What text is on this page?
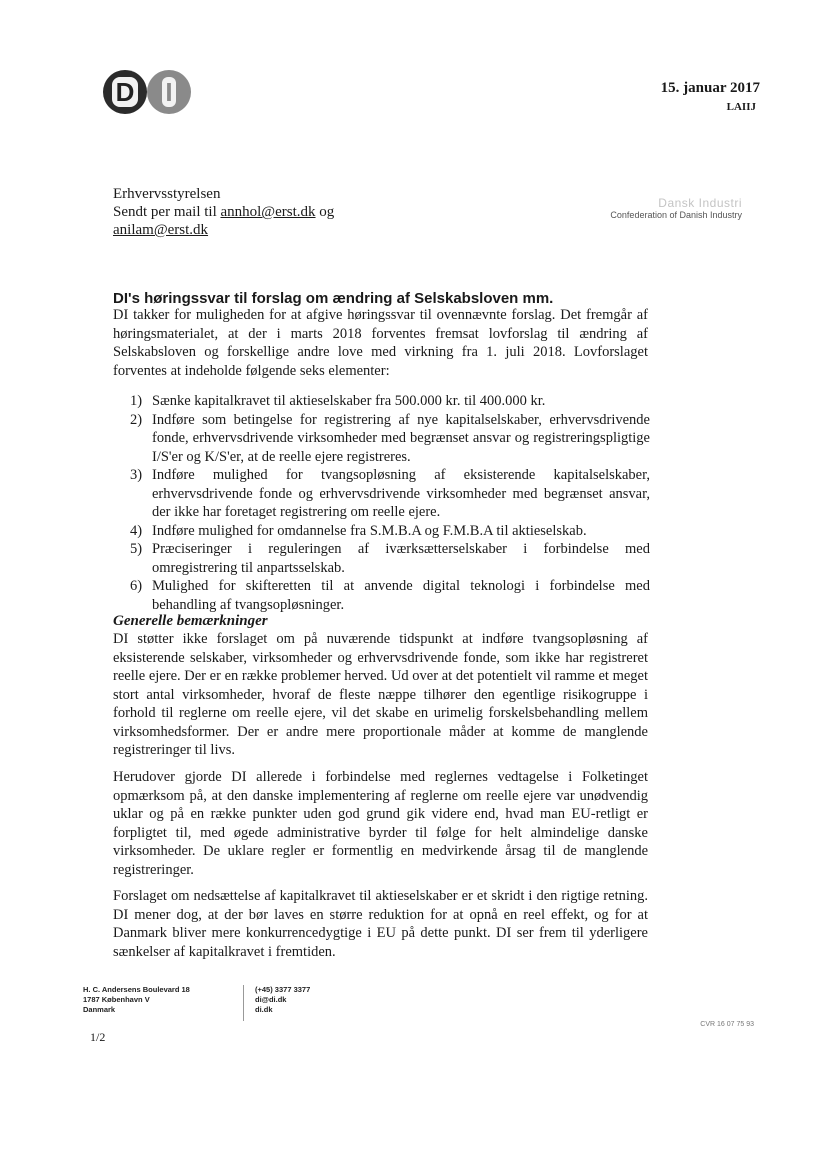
D I	15. januar 2017
LAIIJ
Erhvervsstyrelsen
Sendt per mail til annhol@erst.dk og
anilam@erst.dk
Dansk Industri
Confederation of Danish Industry
DI's høringssvar til forslag om ændring af Selskabsloven mm.
DI takker for muligheden for at afgive høringssvar til ovennævnte forslag. Det fremgår af høringsmaterialet, at der i marts 2018 forventes fremsat lovforslag til ændring af Selskabsloven og forskellige andre love med virkning fra 1. juli 2018. Lovforslaget forventes at indeholde følgende seks elementer:
1) Sænke kapitalkravet til aktieselskaber fra 500.000 kr. til 400.000 kr.
2) Indføre som betingelse for registrering af nye kapitalselskaber, erhvervsdrivende fonde, erhvervsdrivende virksomheder med begrænset ansvar og registreringspligtige I/S'er og K/S'er, at de reelle ejere registreres.
3) Indføre mulighed for tvangsopløsning af eksisterende kapitalselskaber, erhvervsdrivende fonde og erhvervsdrivende virksomheder med begrænset ansvar, der ikke har foretaget registrering om reelle ejere.
4) Indføre mulighed for omdannelse fra S.M.B.A og F.M.B.A til aktieselskab.
5) Præciseringer i reguleringen af iværksætterselskaber i forbindelse med omregistrering til anpartsselskab.
6) Mulighed for skifteretten til at anvende digital teknologi i forbindelse med behandling af tvangsopløsninger.
Generelle bemærkninger
DI støtter ikke forslaget om på nuværende tidspunkt at indføre tvangsopløsning af eksisterende selskaber, virksomheder og erhvervsdrivende fonde, som ikke har registreret reelle ejere. Der er en række problemer herved. Ud over at det potentielt vil ramme et meget stort antal virksomheder, hvoraf de fleste næppe tilhører den egentlige risikogruppe i forhold til reglerne om reelle ejere, vil det skabe en urimelig forskelsbehandling mellem virksomhedsformer. Der er andre mere proportionale måder at komme de manglende registreringer til livs.
Herudover gjorde DI allerede i forbindelse med reglernes vedtagelse i Folketinget opmærksom på, at den danske implementering af reglerne om reelle ejere var unødvendig uklar og på en række punkter uden god grund gik videre end, hvad man EU-retligt er forpligtet til, med øgede administrative byrder til følge for helt almindelige danske virksomheder. De uklare regler er formentlig en medvirkende årsag til de manglende registreringer.
Forslaget om nedsættelse af kapitalkravet til aktieselskaber er et skridt i den rigtige retning. DI mener dog, at der bør laves en større reduktion for at opnå en reel effekt, og for at Danmark bliver mere konkurrencedygtige i EU på dette punkt. DI ser frem til yderligere sænkelser af kapitalkravet i fremtiden.
H. C. Andersens Boulevard 18
1787 København V
Danmark
(+45) 3377 3377
di@di.dk
di.dk
CVR 16 07 75 93
1/2
